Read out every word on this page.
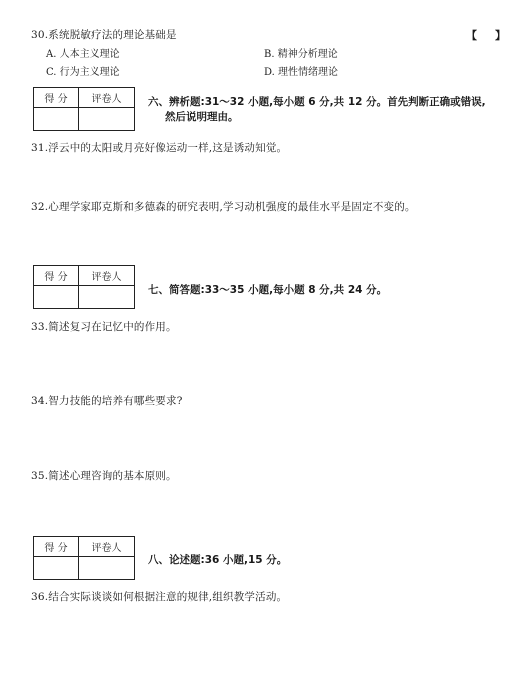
30.系统脱敏疗法的理论基础是	【 】
A. 人本主义理论	B. 精神分析理论
C. 行为主义理论	D. 理性情绪理论
得 分	评卷人
		六、辨析题:31～32 小题,每小题 6 分,共 12 分。首先判断正确或错误,
然后说明理由。
31.浮云中的太阳或月亮好像运动一样,这是诱动知觉。
32.心理学家耶克斯和多德森的研究表明,学习动机强度的最佳水平是固定不变的。
得 分	评卷人

七、简答题:33～35 小题,每小题 8 分,共 24 分。
33.简述复习在记忆中的作用。
34.智力技能的培养有哪些要求?
35.简述心理咨询的基本原则。
得 分	评卷人

八、论述题:36 小题,15 分。
36.结合实际谈谈如何根据注意的规律,组织教学活动。
